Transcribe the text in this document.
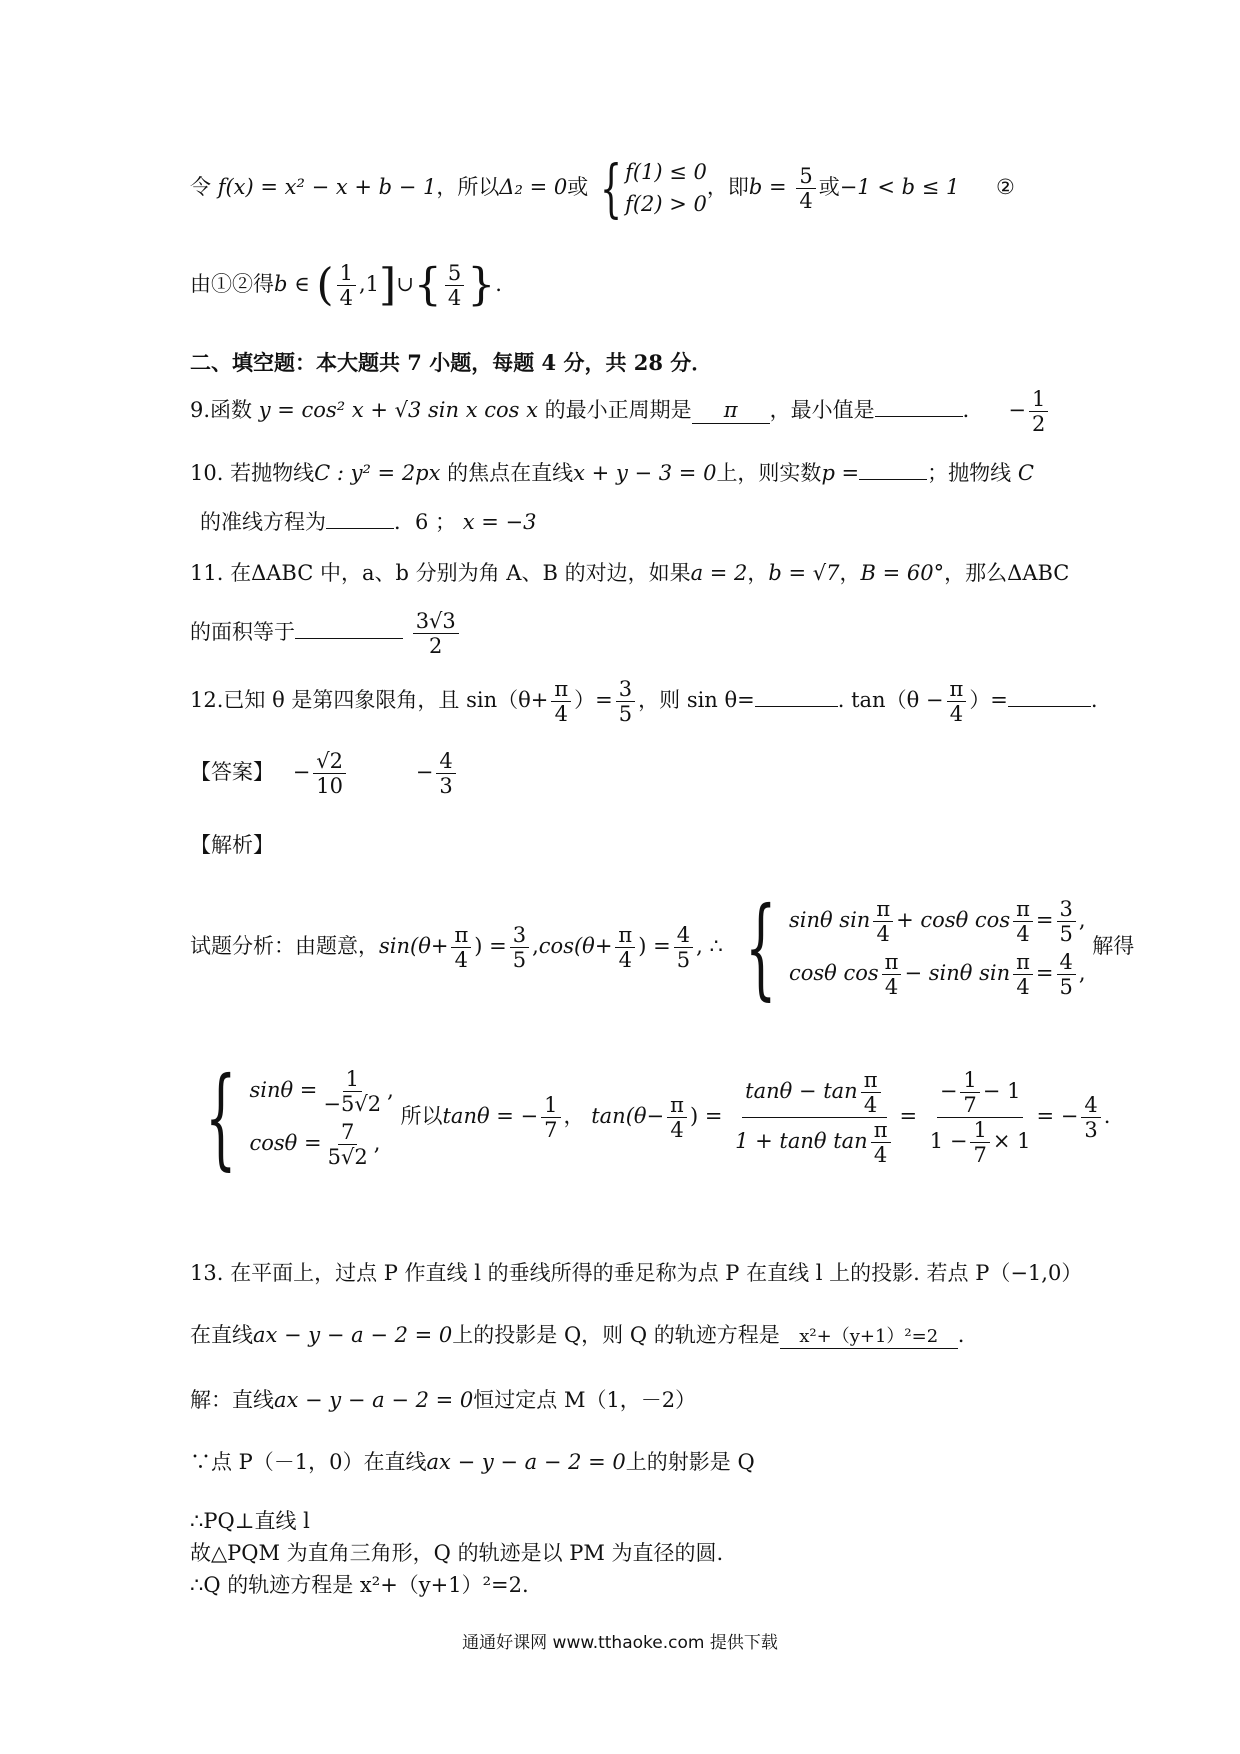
令 f(x) = x² − x + b − 1，所以Δ₂ = 0或 { f(1) ≤ 0
f(2) > 0
，即$b = \frac{5}{4}$ 或−1 < b ≤ 1 ②
由①②得b ∈ ( $\frac{1}{4}$ ,1]∪{ $\frac{5}{4}$ }.
二、填空题：本大题共 7 小题，每题 4 分，共 28 分．
9.函数 y = cos² x + √3 sin x cos x 的最小正周期是 π ，最小值是	． − $\frac{1}{2}$
10. 若抛物线C : y² = 2px 的焦点在直线x + y − 3 = 0上，则实数p =	；抛物线 C
的准线方程为	．6 ； x = −3
11. 在ΔABC 中，a、b 分别为角 A、B 的对边，如果a = 2，b = √7，B = 60°，那么ΔABC
的面积等于	$\frac{3√3}{2}$
12.已知 θ 是第四象限角，且 $\sin(\theta+ \frac{\pi}{4}$ ）= $\frac{3}{5}$ ，则 sin θ=	. $\tan(\theta - \frac{\pi}{4}$ ）=	.
【答案】 − $\frac{√2}{10}$	− $\frac{4}{3}$
【解析】
试题分析：由题意，$\sin(\theta+ \frac{\pi}{4}$ ) = $\frac{3}{5} ,\cos(\theta+ \frac{\pi}{4}$ ) = $\frac{4}{5}$ , ∴ { sinθ $\sin \frac{\pi}{4} + \cos\theta$ $\cos \frac{\pi}{4} = \frac{3}{5}$ ,
cosθ $\cos \frac{\pi}{4} - \sin\theta$ $\sin \frac{\pi}{4} = \frac{4}{5}$ ,
解得
{ $\sin\theta = \frac{1}{-5√2}$ ,
$\cos\theta = \frac{7}{5√2}$ ,
所以tanθ = − $\frac{1}{7}$ ， $\tan(\theta- \frac{\pi}{4}$ ) = $\frac{\tan\theta - \tan \frac{\pi}{4}}{1 + \tan\theta \tan \frac{\pi}{4}} = \frac{- \frac{1}{7} - 1}{1 - \frac{1}{7} \times 1}$ = − $\frac{4}{3}$ .
13. 在平面上，过点 P 作直线 l 的垂线所得的垂足称为点 P 在直线 l 上的投影. 若点 P（−1,0）
在直线ax − y − a − 2 = 0上的投影是 Q，则 Q 的轨迹方程是 x²+（y+1）²=2 .
解：直线ax − y − a − 2 = 0恒过定点 M（1，－2）
∵点 P（－1，0）在直线ax − y − a − 2 = 0上的射影是 Q
∴PQ⊥直线 l
故△PQM 为直角三角形，Q 的轨迹是以 PM 为直径的圆.
∴Q 的轨迹方程是 x²+（y+1）²=2.
通通好课网 www.tthaoke.com 提供下载
